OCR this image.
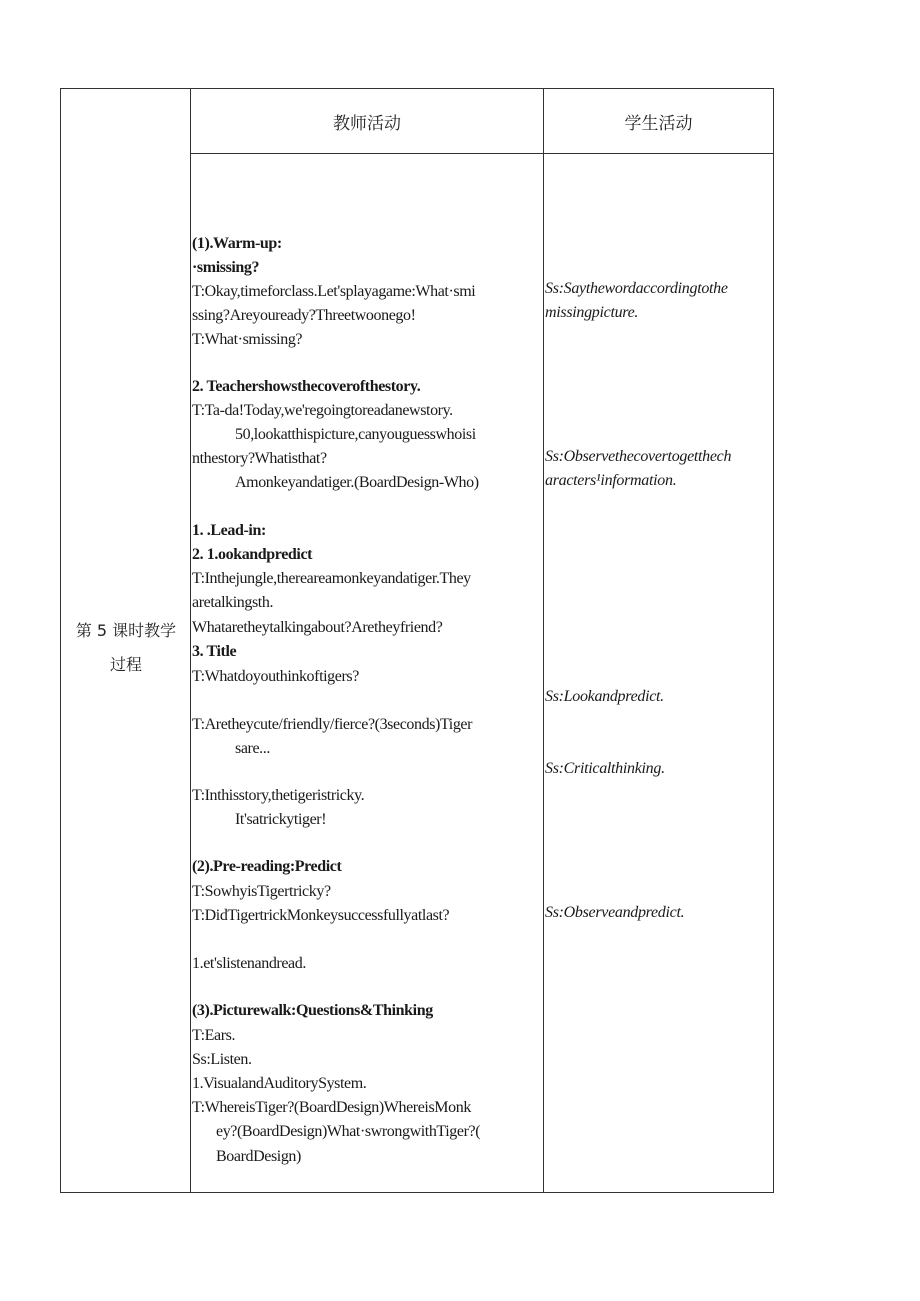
教师活动	学生活动
第 5 课时教学
过程
(1).Warm-up:
·smissing?
T:Okay,timeforclass.Let'splayagame:What·smi
ssing?Areyouready?Threetwoonego!
T:What·smissing?
2. Teachershowsthecoverofthestory.
T:Ta-da!Today,we'regoingtoreadanewstory.
50,lookatthispicture,canyouguesswhoisi
nthestory?Whatisthat?
Amonkeyandatiger.(BoardDesign-Who)
1. .Lead-in:
2. 1.ookandpredict
T:Inthejungle,thereareamonkeyandatiger.They
aretalkingsth.
Whataretheytalkingabout?Aretheyfriend?
3. Title
T:Whatdoyouthinkoftigers?
T:Aretheycute/friendly/fierce?(3seconds)Tiger
sare...
T:Inthisstory,thetigeristricky.
It'satrickytiger!
(2).Pre-reading:Predict
T:SowhyisTigertricky?
T:DidTigertrickMonkeysuccessfullyatlast?
1.et'slistenandread.
(3).Picturewalk:Questions&Thinking
T:Ears.
Ss:Listen.
1.VisualandAuditorySystem.
T:WhereisTiger?(BoardDesign)WhereisMonk
ey?(BoardDesign)What·swrongwithTiger?(
BoardDesign)
Ss:Saythewordaccordingtothe
missingpicture.
Ss:Observethecovertogetthech
aracters¹information.
Ss:Lookandpredict.
Ss:Criticalthinking.
Ss:Observeandpredict.
